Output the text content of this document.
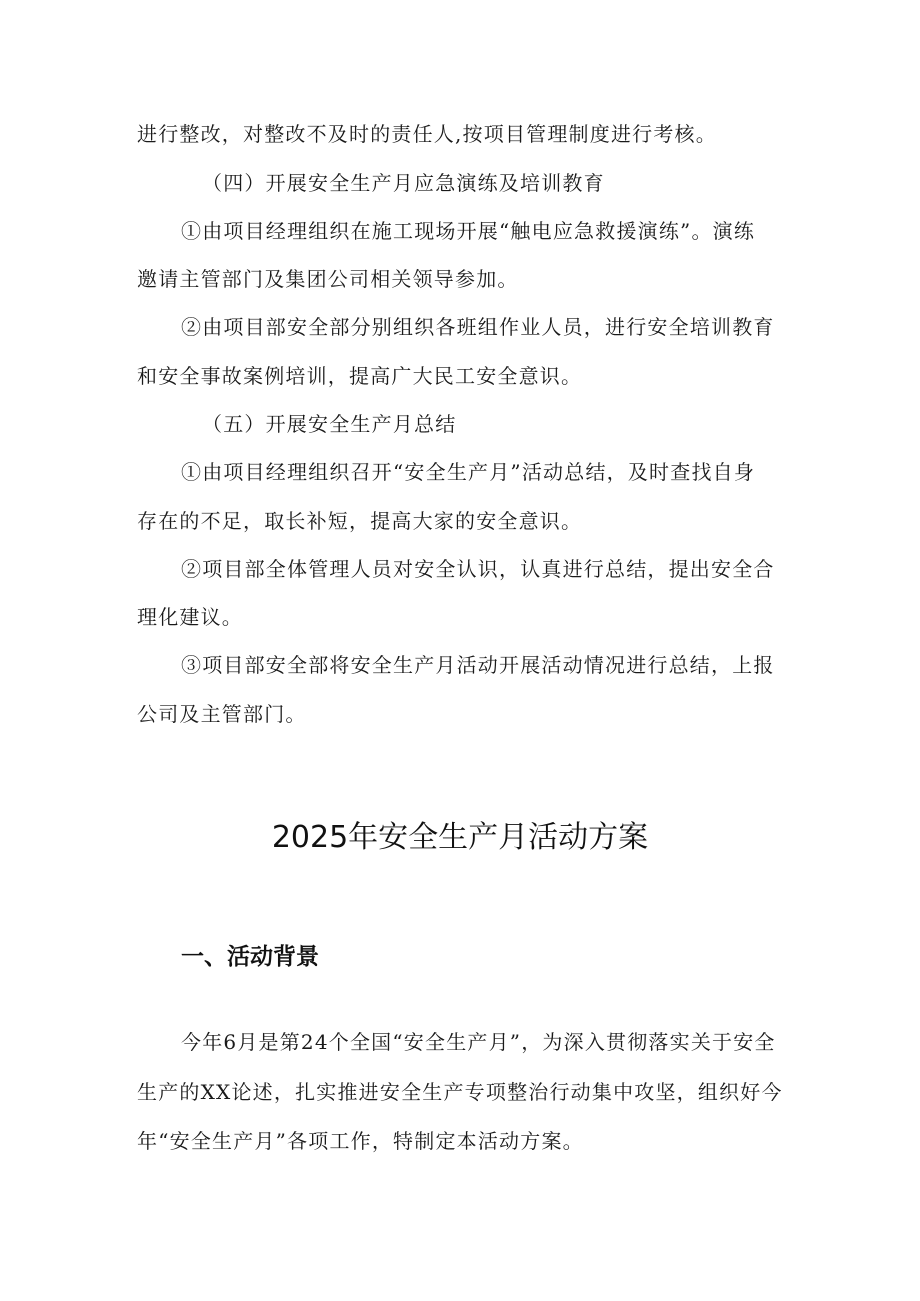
进行整改，对整改不及时的责任人,按项目管理制度进行考核。
（四）开展安全生产月应急演练及培训教育
①由项目经理组织在施工现场开展“触电应急救援演练”。演练
邀请主管部门及集团公司相关领导参加。
②由项目部安全部分别组织各班组作业人员，进行安全培训教育
和安全事故案例培训，提高广大民工安全意识。
（五）开展安全生产月总结
①由项目经理组织召开“安全生产月”活动总结，及时查找自身
存在的不足，取长补短，提高大家的安全意识。
②项目部全体管理人员对安全认识，认真进行总结，提出安全合
理化建议。
③项目部安全部将安全生产月活动开展活动情况进行总结，上报
公司及主管部门。
2025年安全生产月活动方案
一、活动背景
今年6月是第24个全国“安全生产月”，为深入贯彻落实关于安全
生产的XX论述，扎实推进安全生产专项整治行动集中攻坚，组织好今
年“安全生产月”各项工作，特制定本活动方案。
